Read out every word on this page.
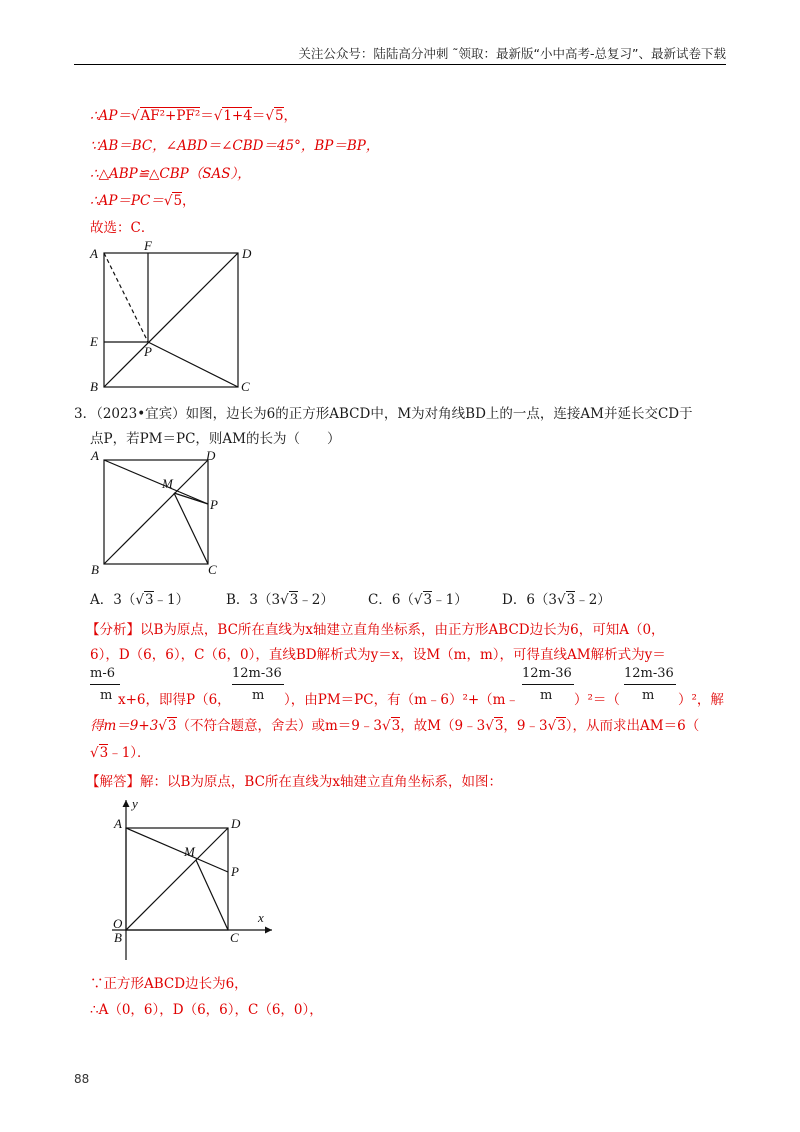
关注公众号：陆陆高分冲刺 ˜领取：最新版“小中高考-总复习”、最新试卷下载
∴AP＝√AF²+PF²＝√1+4＝√5，
∵AB＝BC，∠ABD＝∠CBD＝45°，BP＝BP，
∴△ABP≌△CBP（SAS），
∴AP＝PC＝√5，
故选：C．
A
F
D
E
P
B	C
3．（2023•宜宾）如图，边长为6的正方形ABCD中，M为对角线BD上的一点，连接AM并延长交CD于
点P，若PM＝PC，则AM的长为（　　）
A	D
M
P
B	C
A．3（√3﹣1）	B．3（3√3﹣2）	C．6（√3﹣1）	D．6（3√3﹣2）
【分析】以B为原点，BC所在直线为x轴建立直角坐标系，由正方形ABCD边长为6，可知A（0，
6），D（6，6），C（6，0），直线BD解析式为y＝x，设M（m，m），可得直线AM解析式为y＝
m-6
m x+6，即得P（6，
12m-36
m ），由PM＝PC，有（m﹣6）²+（m﹣
12m-36
m ）²＝（
12m-36
m ）²，解
得m＝9+3√3（不符合题意，舍去）或m＝9﹣3√3，故M（9﹣3√3，9﹣3√3），从而求出AM＝6（
√3﹣1）．
【解答】解：以B为原点，BC所在直线为x轴建立直角坐标系，如图：
y
A	D
M
P
x
O
B	C
∵正方形ABCD边长为6，
∴A（0，6），D（6，6），C（6，0），
88
